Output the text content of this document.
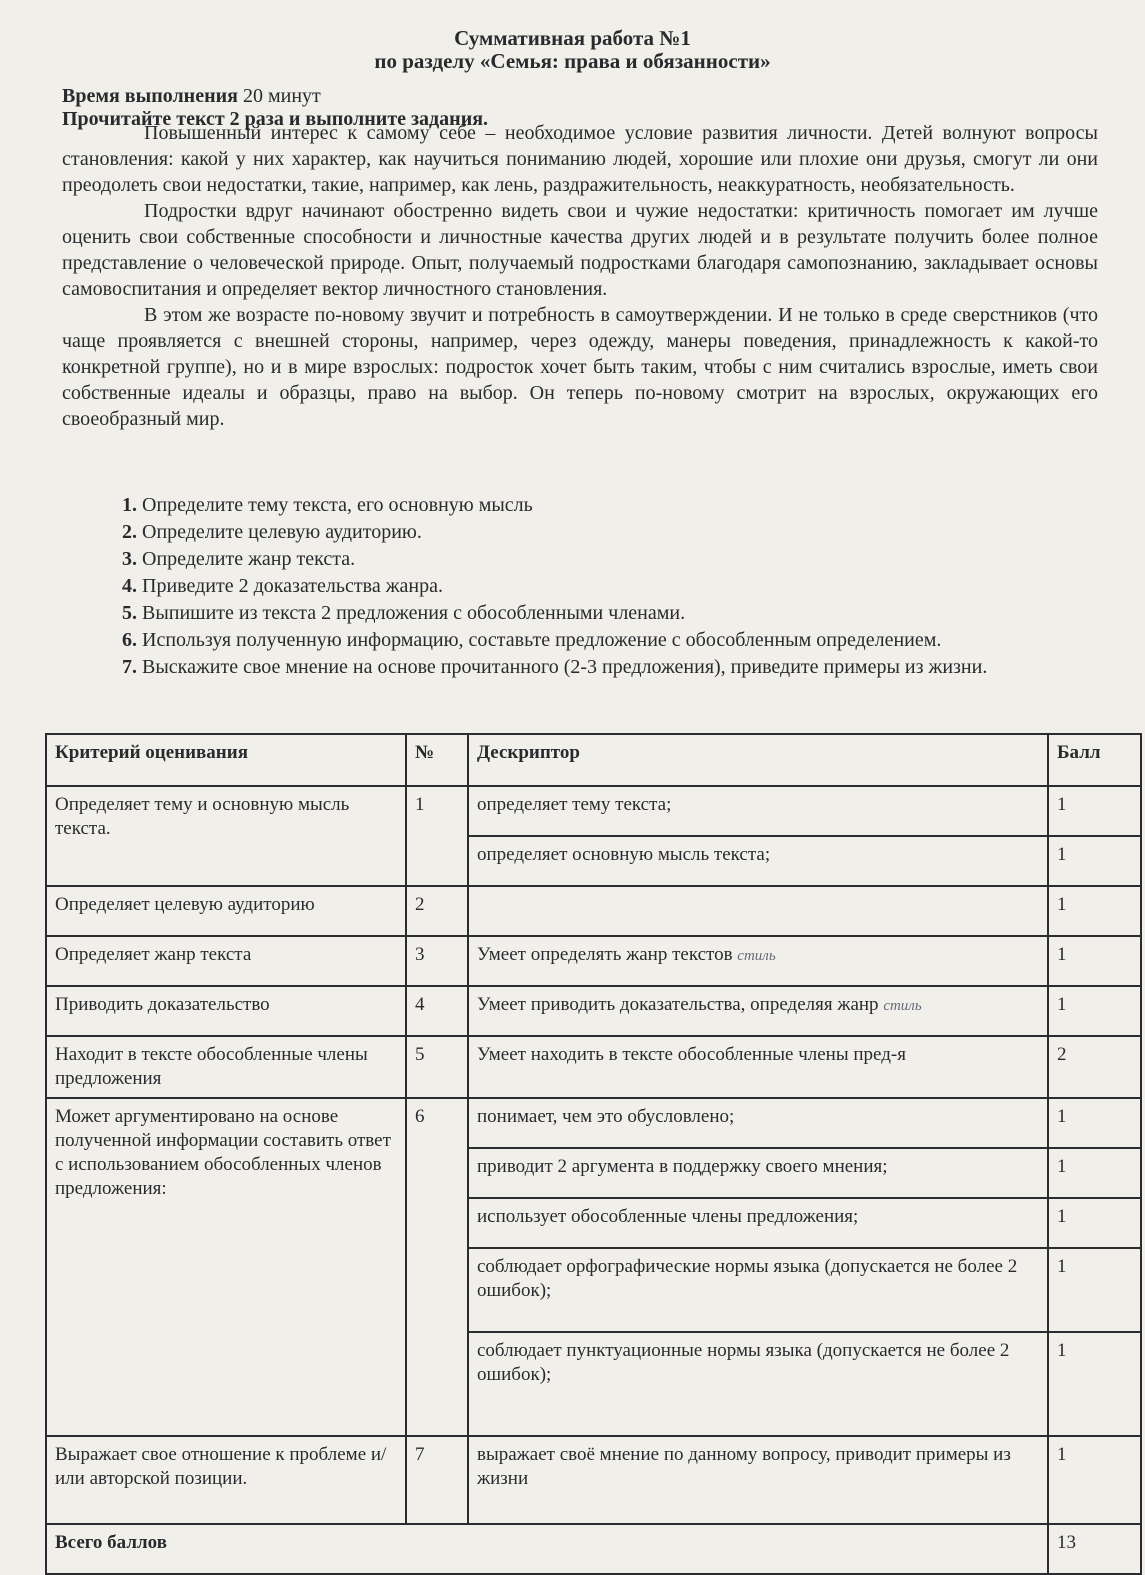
Суммативная работа №1
по разделу «Семья: права и обязанности»
Время выполнения 20 минут
Прочитайте текст 2 раза и выполните задания.

Повышенный интерес к самому себе – необходимое условие развития личности. Детей волнуют вопросы становления: какой у них характер, как научиться пониманию людей, хорошие или плохие они друзья, смогут ли они преодолеть свои недостатки, такие, например, как лень, раздражительность, неаккуратность, необязательность.

Подростки вдруг начинают обостренно видеть свои и чужие недостатки: критичность помогает им лучше оценить свои собственные способности и личностные качества других людей и в результате получить более полное представление о человеческой природе. Опыт, получаемый подростками благодаря самопознанию, закладывает основы самовоспитания и определяет вектор личностного становления.

В этом же возрасте по-новому звучит и потребность в самоутверждении. И не только в среде сверстников (что чаще проявляется с внешней стороны, например, через одежду, манеры поведения, принадлежность к какой-то конкретной группе), но и в мире взрослых: подросток хочет быть таким, чтобы с ним считались взрослые, иметь свои собственные идеалы и образцы, право на выбор. Он теперь по-новому смотрит на взрослых, окружающих его своеобразный мир.

1. Определите тему текста, его основную мысль
2. Определите целевую аудиторию.
3. Определите жанр текста.
4. Приведите 2 доказательства жанра.
5. Выпишите из текста 2 предложения с обособленными членами.
6. Используя полученную информацию, составьте предложение с обособленным определением.
7. Выскажите свое мнение на основе прочитанного (2-3 предложения), приведите примеры из жизни.
Критерий оценивания	№	Дескриптор	Балл
Определяет тему и основную мысль текста.	1	определяет тему текста;	1
		определяет основную мысль текста;	1
Определяет целевую аудиторию	2		1
Определяет жанр текста	3	Умеет определять жанр текстов стиль	1
Приводить доказательство	4	Умеет приводить доказательства, определяя жанр стиль	1
Находит в тексте обособленные члены предложения	5	Умеет находить в тексте обособленные члены пред-я	2
Может аргументировано на основе полученной информации составить ответ с использованием обособленных членов предложения:	6	понимает, чем это обусловлено;	1
		приводит 2 аргумента в поддержку своего мнения;	1
		использует обособленные члены предложения;	1
		соблюдает орфографические нормы языка (допускается не более 2 ошибок);	1
		соблюдает пунктуационные нормы языка (допускается не более 2 ошибок);	1
Выражает свое отношение к проблеме и/или авторской позиции.	7	выражает своё мнение по данному вопросу, приводит примеры из жизни	1
Всего баллов			13
